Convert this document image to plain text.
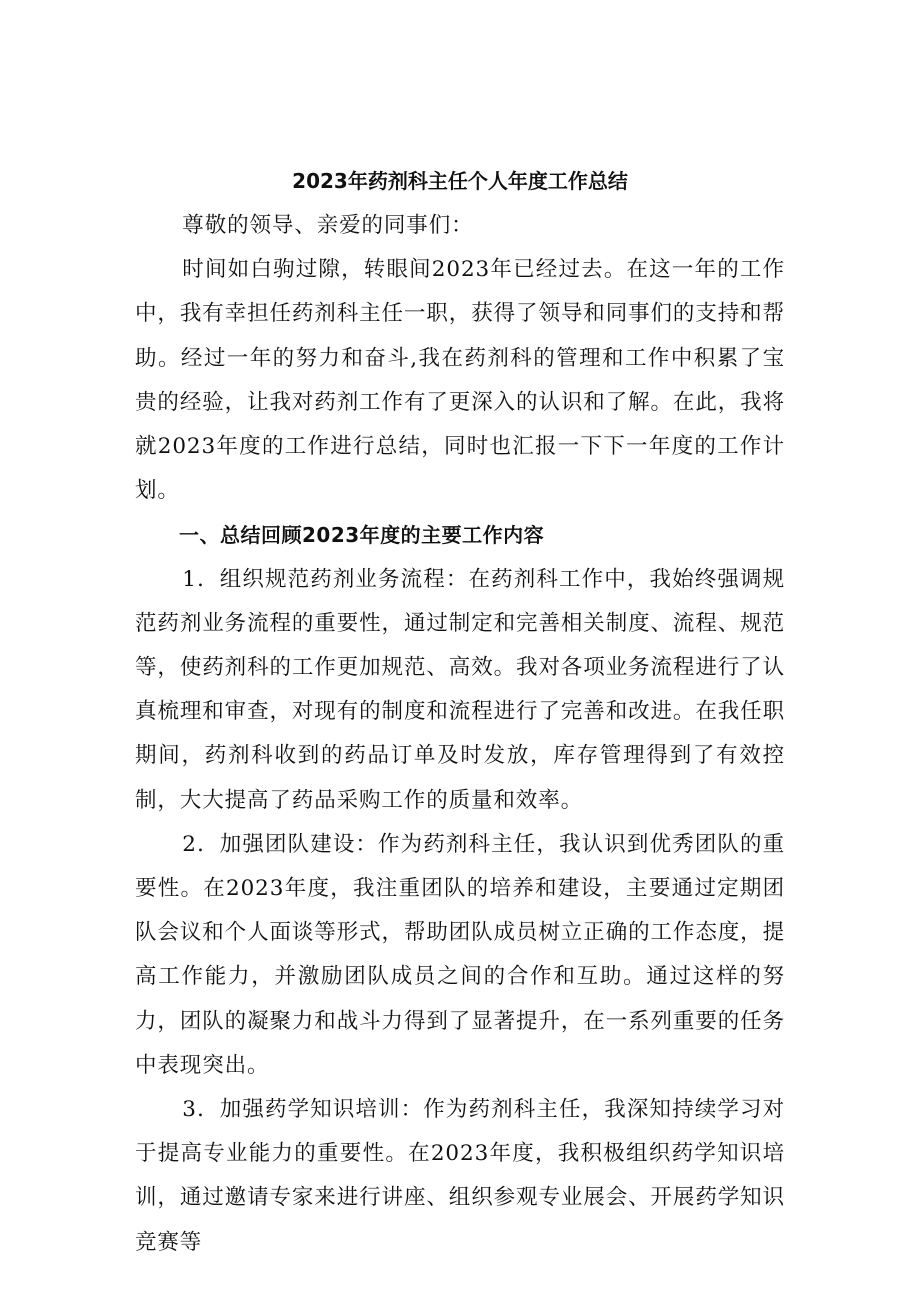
2023年药剂科主任个人年度工作总结

尊敬的领导、亲爱的同事们：

时间如白驹过隙，转眼间2023年已经过去。在这一年的工作中，我有幸担任药剂科主任一职，获得了领导和同事们的支持和帮助。经过一年的努力和奋斗,我在药剂科的管理和工作中积累了宝贵的经验，让我对药剂工作有了更深入的认识和了解。在此，我将就2023年度的工作进行总结，同时也汇报一下下一年度的工作计划。

一、总结回顾2023年度的主要工作内容

1．组织规范药剂业务流程：在药剂科工作中，我始终强调规范药剂业务流程的重要性，通过制定和完善相关制度、流程、规范等，使药剂科的工作更加规范、高效。我对各项业务流程进行了认真梳理和审查，对现有的制度和流程进行了完善和改进。在我任职期间，药剂科收到的药品订单及时发放，库存管理得到了有效控制，大大提高了药品采购工作的质量和效率。

2．加强团队建设：作为药剂科主任，我认识到优秀团队的重要性。在2023年度，我注重团队的培养和建设，主要通过定期团队会议和个人面谈等形式，帮助团队成员树立正确的工作态度，提高工作能力，并激励团队成员之间的合作和互助。通过这样的努力，团队的凝聚力和战斗力得到了显著提升，在一系列重要的任务中表现突出。

3．加强药学知识培训：作为药剂科主任，我深知持续学习对于提高专业能力的重要性。在2023年度，我积极组织药学知识培训，通过邀请专家来进行讲座、组织参观专业展会、开展药学知识竞赛等
